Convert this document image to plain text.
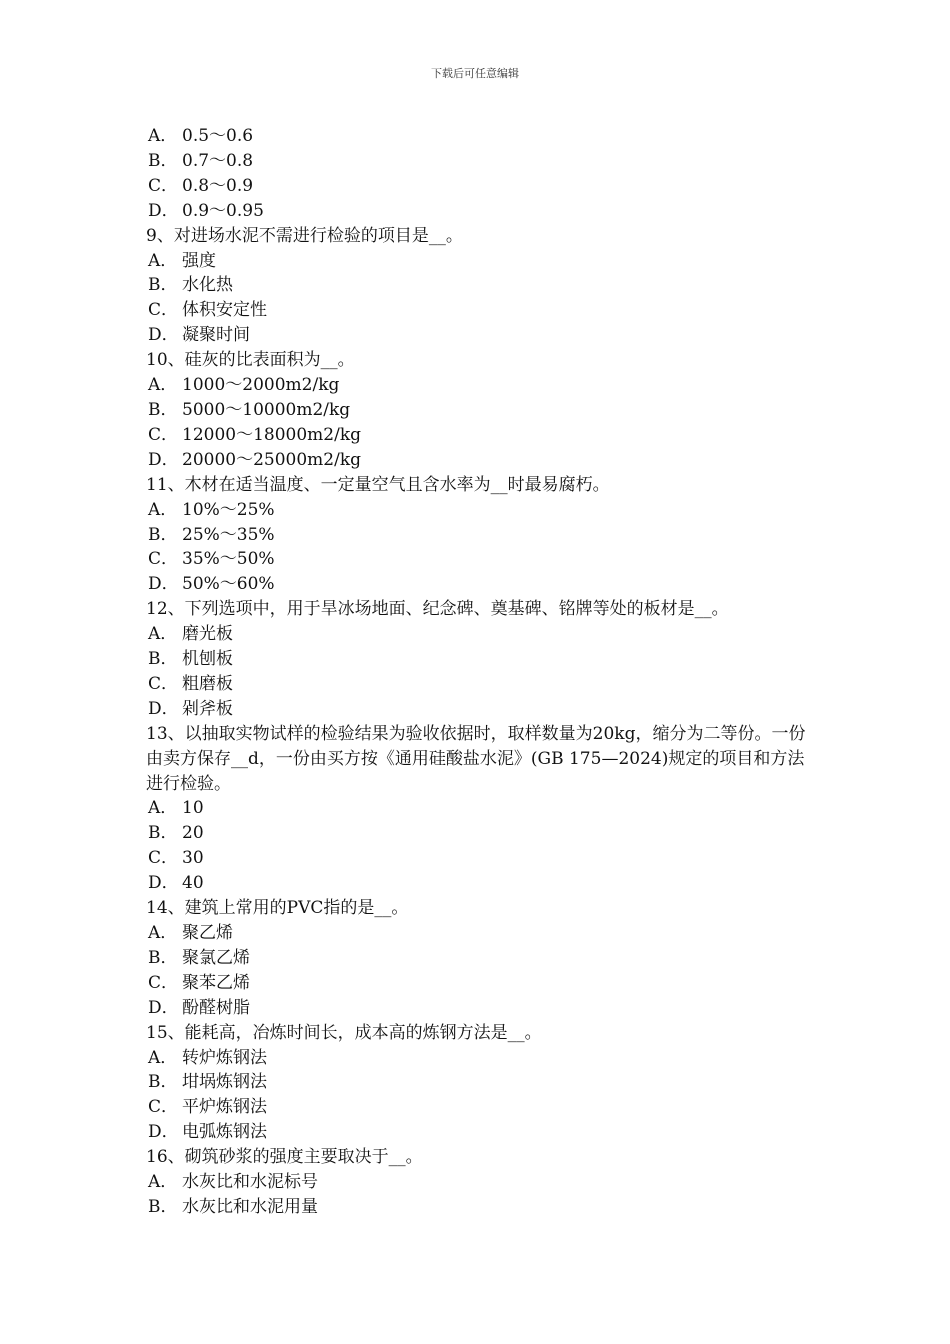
下载后可任意编辑

A． 0.5～0.6

B． 0.7～0.8

C． 0.8～0.9

D． 0.9～0.95

9、对进场水泥不需进行检验的项目是__。

A． 强度

B． 水化热

C． 体积安定性

D． 凝聚时间

10、硅灰的比表面积为__。

A． 1000～2000m2/kg

B． 5000～10000m2/kg

C． 12000～18000m2/kg

D． 20000～25000m2/kg

11、木材在适当温度、一定量空气且含水率为__时最易腐朽。

A． 10%～25%

B． 25%～35%

C． 35%～50%

D． 50%～60%

12、下列选项中，用于旱冰场地面、纪念碑、奠基碑、铭牌等处的板材是__。

A． 磨光板

B． 机刨板

C． 粗磨板

D． 剁斧板

13、以抽取实物试样的检验结果为验收依据时，取样数量为20kg，缩分为二等份。一份由卖方保存__d，一份由买方按《通用硅酸盐水泥》(GB 175—2024)规定的项目和方法进行检验。

A． 10

B． 20

C． 30

D． 40

14、建筑上常用的PVC指的是__。

A． 聚乙烯

B． 聚氯乙烯

C． 聚苯乙烯

D． 酚醛树脂

15、能耗高，冶炼时间长，成本高的炼钢方法是__。

A． 转炉炼钢法

B． 坩埚炼钢法

C． 平炉炼钢法

D． 电弧炼钢法

16、砌筑砂浆的强度主要取决于__。

A． 水灰比和水泥标号

B． 水灰比和水泥用量
